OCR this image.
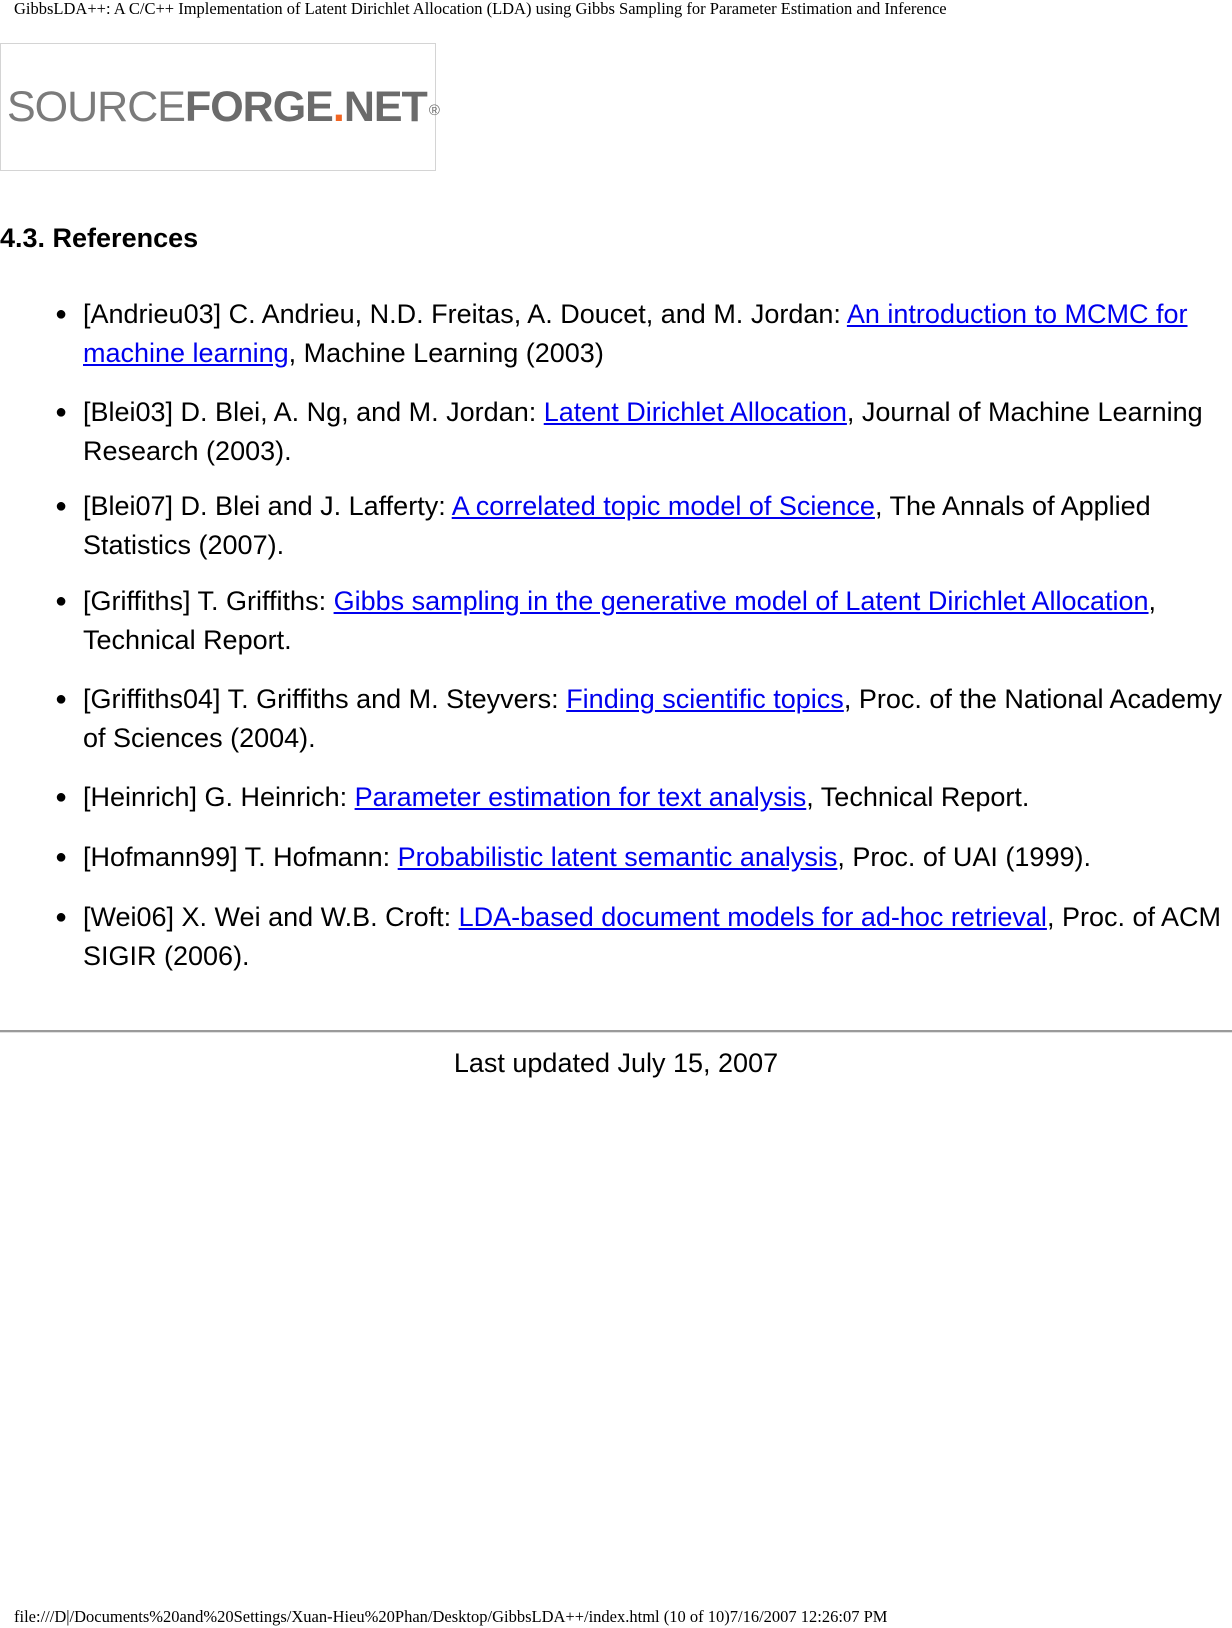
GibbsLDA++: A C/C++ Implementation of Latent Dirichlet Allocation (LDA) using Gibbs Sampling for Parameter Estimation and Inference
SOURCEFORGE.NET ®
4.3. References
● [Andrieu03] C. Andrieu, N.D. Freitas, A. Doucet, and M. Jordan: An introduction to MCMC for machine learning, Machine Learning (2003)
● [Blei03] D. Blei, A. Ng, and M. Jordan: Latent Dirichlet Allocation, Journal of Machine Learning Research (2003).
● [Blei07] D. Blei and J. Lafferty: A correlated topic model of Science, The Annals of Applied Statistics (2007).
● [Griffiths] T. Griffiths: Gibbs sampling in the generative model of Latent Dirichlet Allocation, Technical Report.
● [Griffiths04] T. Griffiths and M. Steyvers: Finding scientific topics, Proc. of the National Academy of Sciences (2004).
● [Heinrich] G. Heinrich: Parameter estimation for text analysis, Technical Report.
● [Hofmann99] T. Hofmann: Probabilistic latent semantic analysis, Proc. of UAI (1999).
● [Wei06] X. Wei and W.B. Croft: LDA-based document models for ad-hoc retrieval, Proc. of ACM SIGIR (2006).
Last updated July 15, 2007
file:///D|/Documents%20and%20Settings/Xuan-Hieu%20Phan/Desktop/GibbsLDA++/index.html (10 of 10)7/16/2007 12:26:07 PM
